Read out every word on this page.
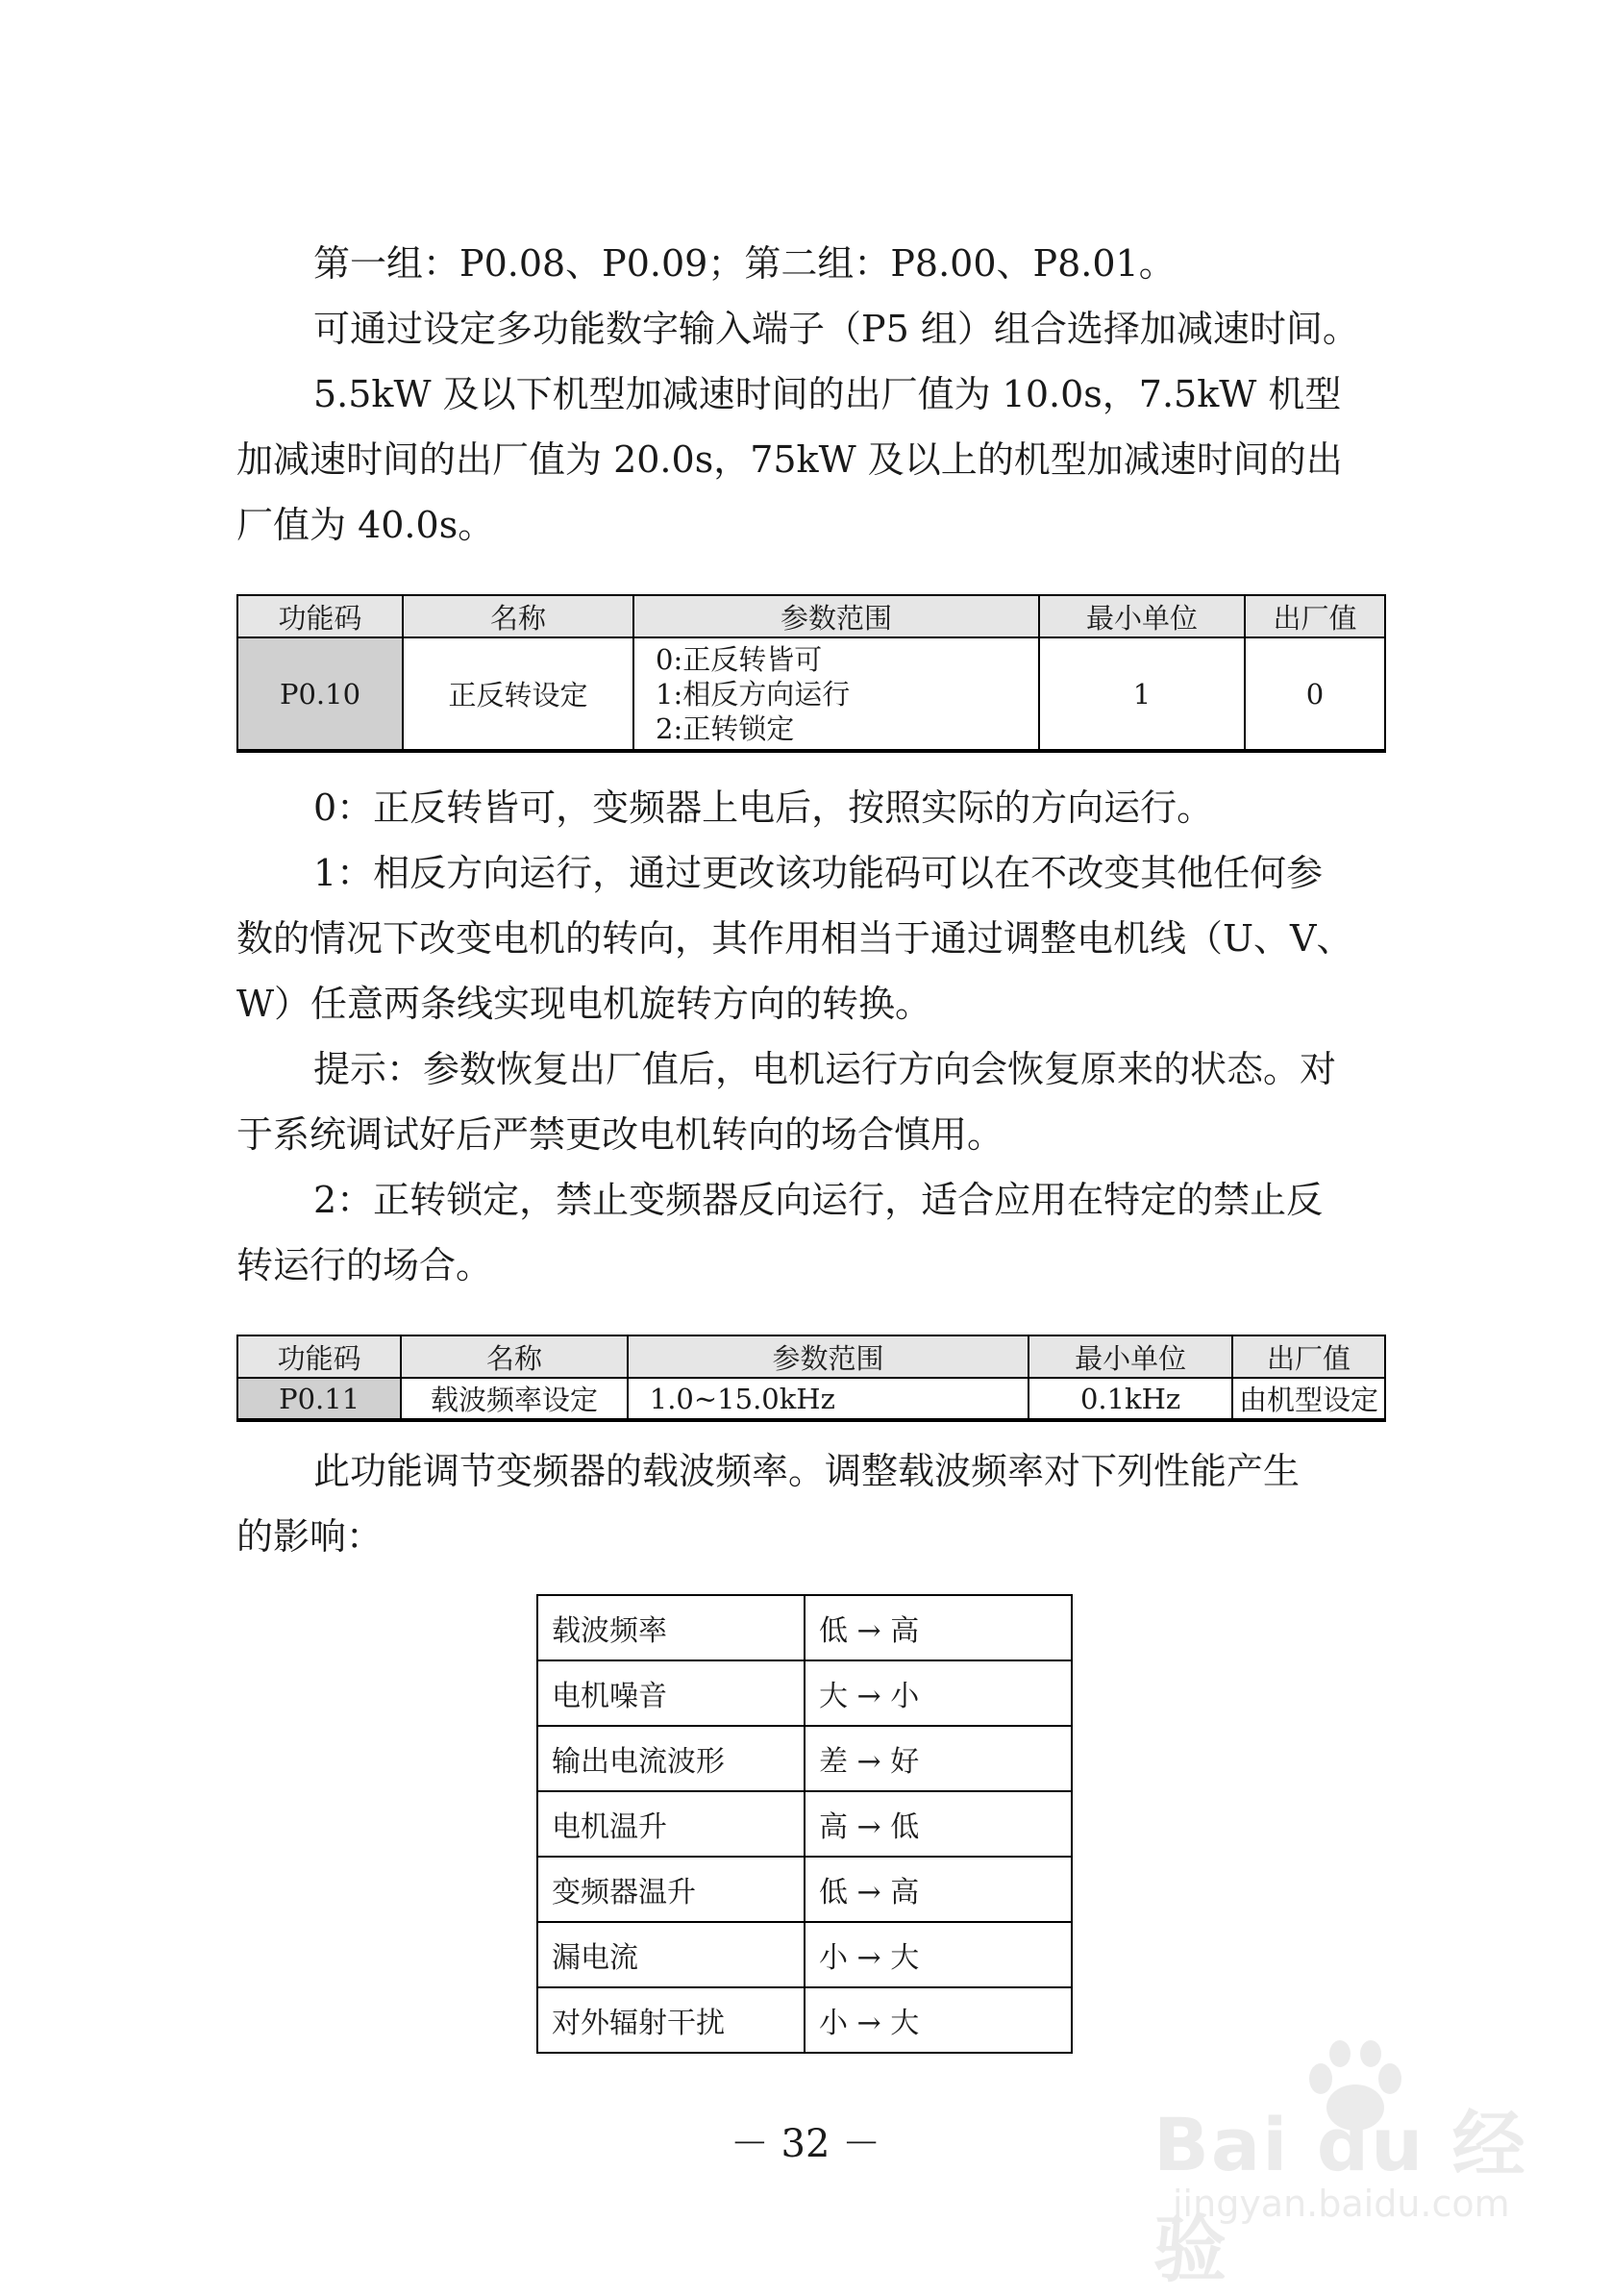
第一组：P0.08、P0.09；第二组：P8.00、P8.01。
可通过设定多功能数字输入端子（P5 组）组合选择加减速时间。
5.5kW 及以下机型加减速时间的出厂值为 10.0s，7.5kW 机型
加减速时间的出厂值为 20.0s，75kW 及以上的机型加减速时间的出
厂值为 40.0s。
功能码	名称	参数范围	最小单位	出厂值
P0.10	正反转设定	0:正反转皆可
1:相反方向运行
2:正转锁定	1	0
0：正反转皆可，变频器上电后，按照实际的方向运行。
1：相反方向运行，通过更改该功能码可以在不改变其他任何参
数的情况下改变电机的转向，其作用相当于通过调整电机线（U、V、
W）任意两条线实现电机旋转方向的转换。
提示：参数恢复出厂值后，电机运行方向会恢复原来的状态。对
于系统调试好后严禁更改电机转向的场合慎用。
2：正转锁定，禁止变频器反向运行，适合应用在特定的禁止反
转运行的场合。
功能码	名称	参数范围	最小单位	出厂值
P0.11	载波频率设定	1.0~15.0kHz	0.1kHz	由机型设定
此功能调节变频器的载波频率。调整载波频率对下列性能产生
的影响：
载波频率	低 → 高
电机噪音	大 → 小
输出电流波形	差 → 好
电机温升	高 → 低
变频器温升	低 → 高
漏电流	小 → 大
对外辐射干扰	小 → 大
－ 32 －	Bai du 经验
jingyan.baidu.com
